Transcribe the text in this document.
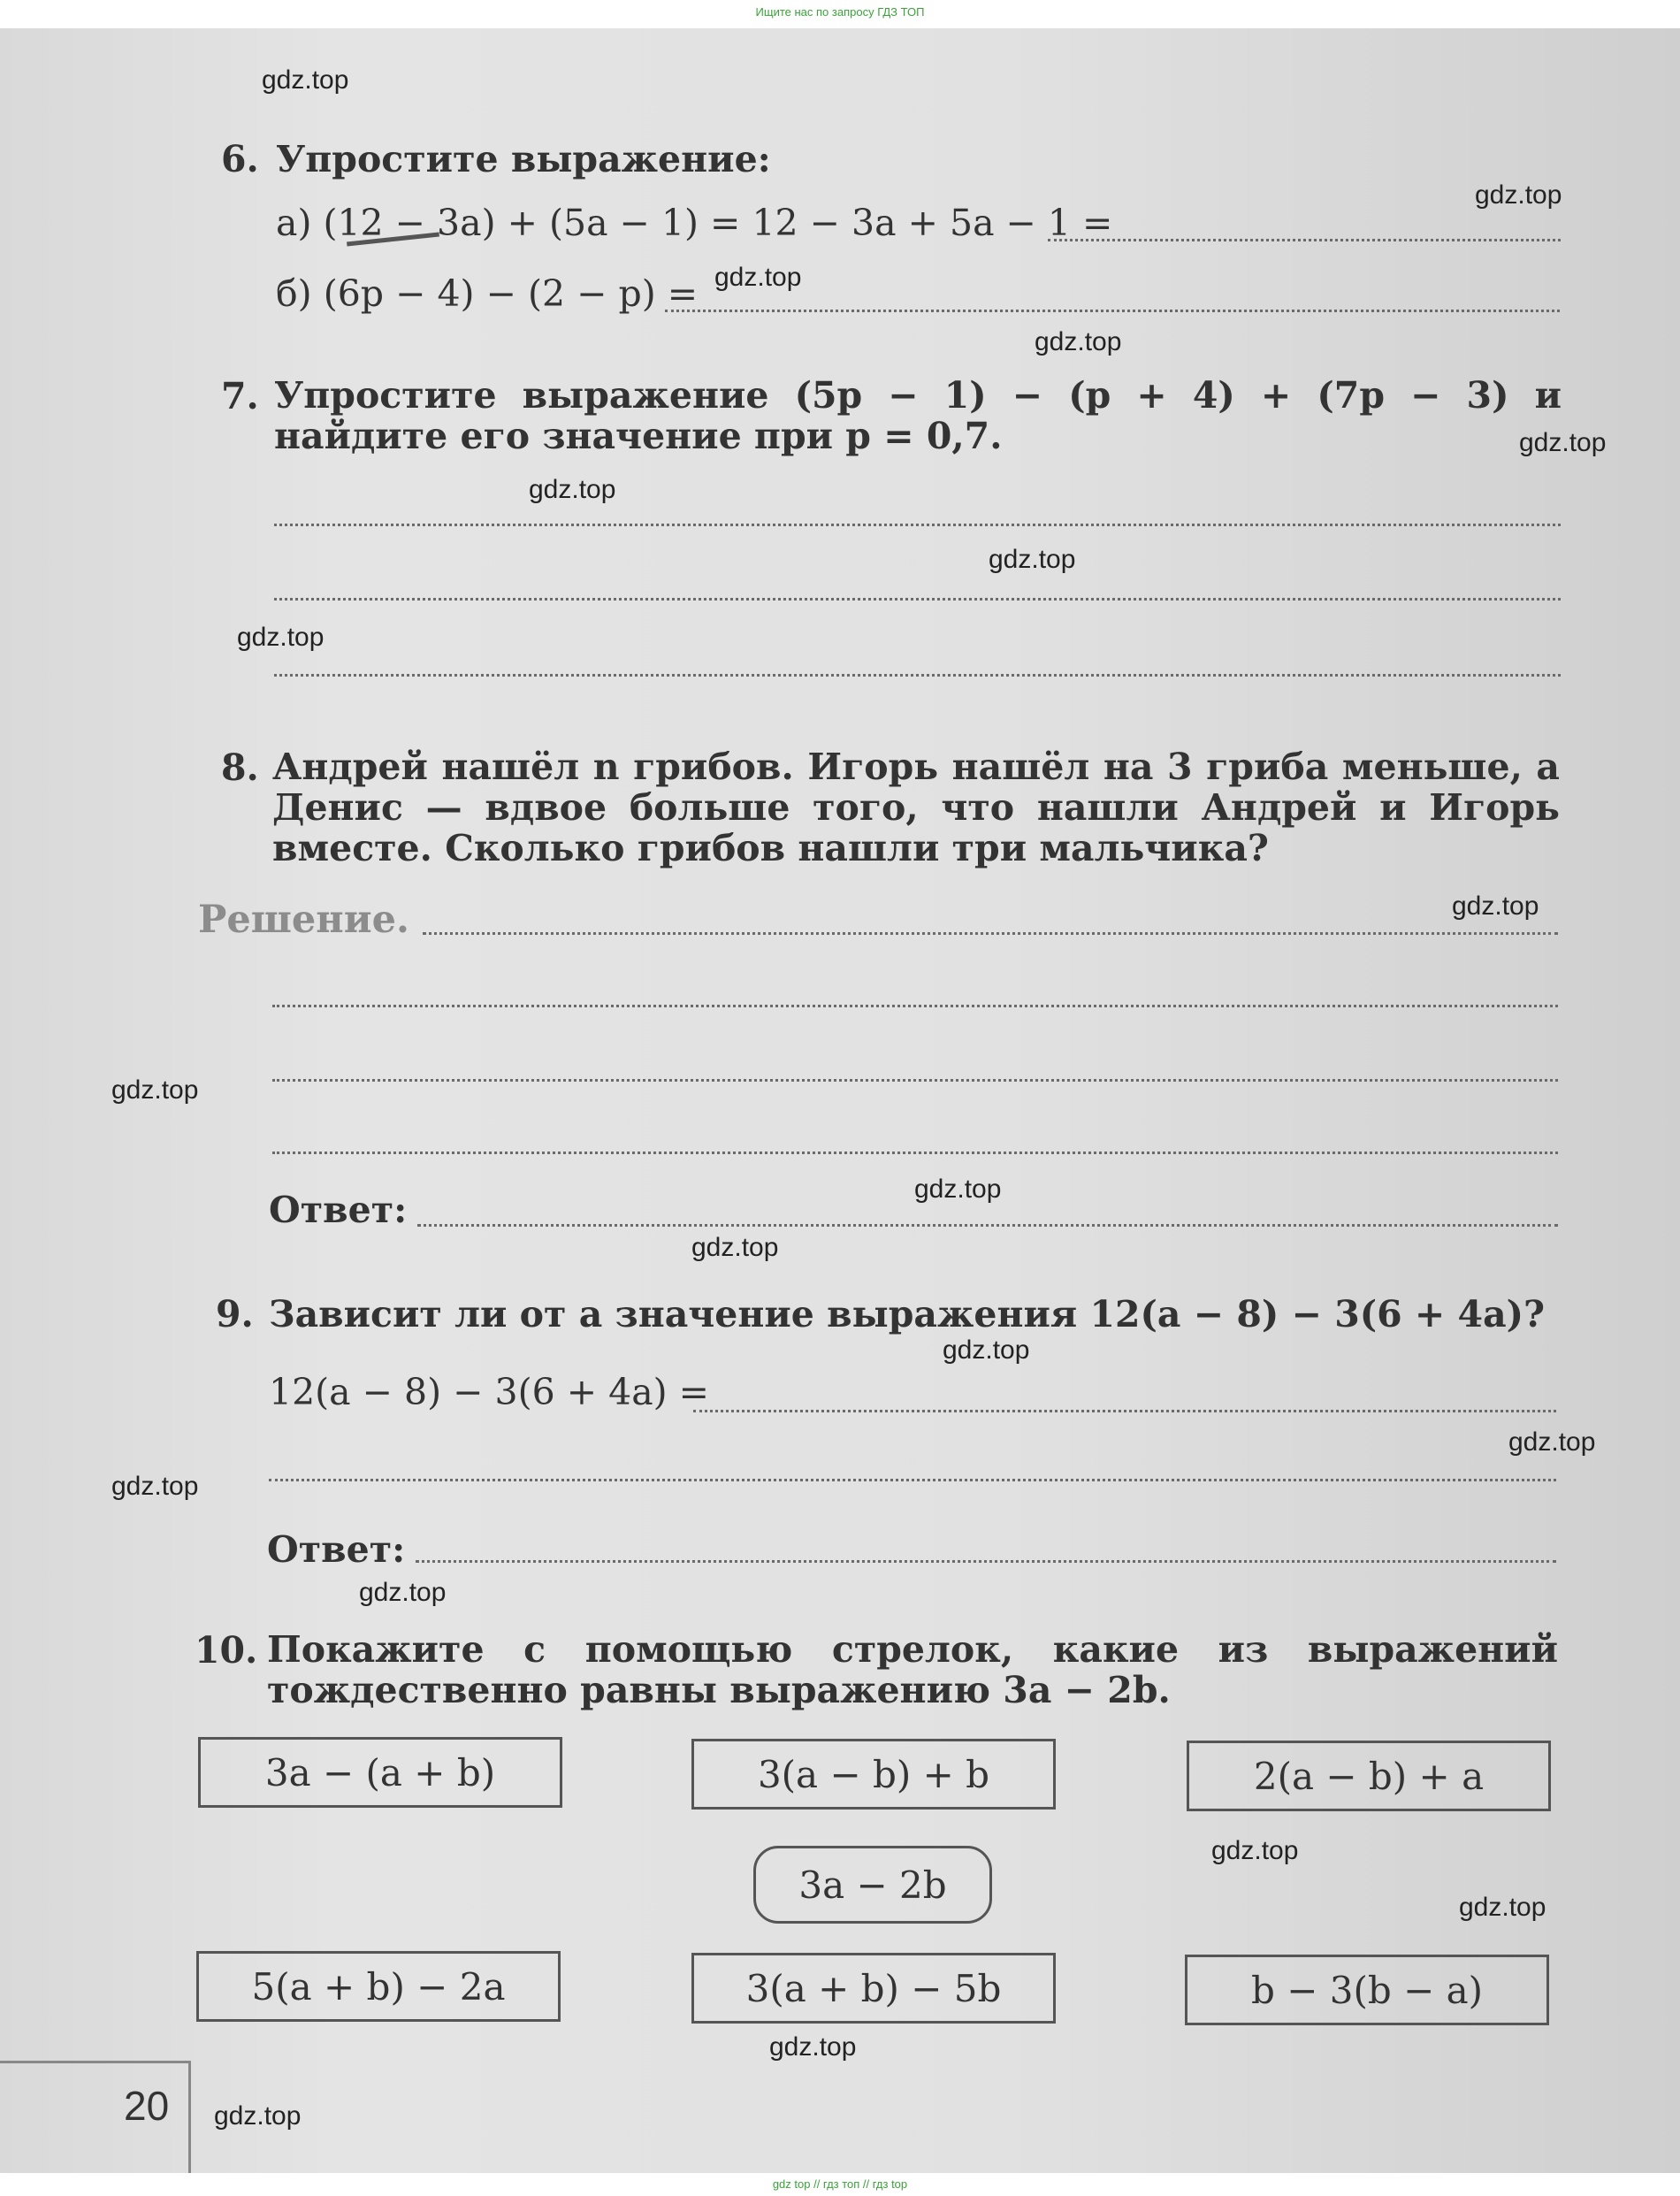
Ищите нас по запросу ГДЗ ТОП
6. Упростите выражение:
а) (12 − 3a) + (5a − 1) = 12 − 3a + 5a − 1 =
б) (6p − 4) − (2 − p) =
7. Упростите выражение (5p − 1) − (p + 4) + (7p − 3) и найдите его значение при p = 0,7.
8. Андрей нашёл n грибов. Игорь нашёл на 3 гриба меньше, а Денис — вдвое больше того, что нашли Андрей и Игорь вместе. Сколько грибов нашли три мальчика?
Решение.
Ответ:
9. Зависит ли от a значение выражения 12(a − 8) − 3(6 + 4a)?
12(a − 8) − 3(6 + 4a) =
Ответ:
10. Покажите с помощью стрелок, какие из выражений тождественно равны выражению 3a − 2b.
3a − (a + b)	3(a − b) + b	2(a − b) + a
3a − 2b
5(a + b) − 2a	3(a + b) − 5b	b − 3(b − a)
20
gdz.top
gdz.top
gdz.top
gdz.top
gdz.top
gdz.top
gdz.top
gdz.top
gdz.top
gdz.top
gdz.top
gdz.top
gdz.top
gdz.top
gdz.top
gdz.top
gdz.top
gdz.top
gdz.top
gdz.top
gdz top // гдз топ // гдз top
